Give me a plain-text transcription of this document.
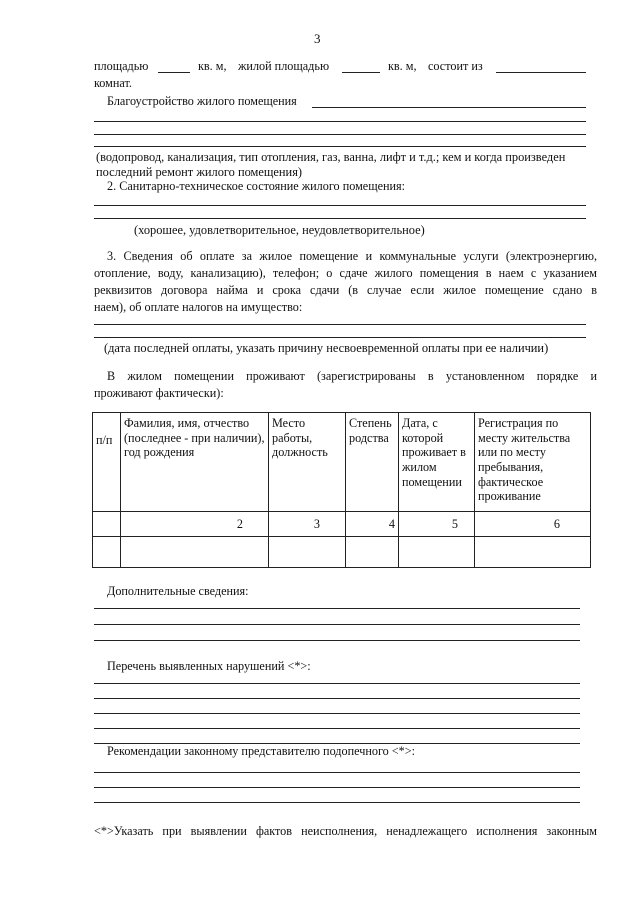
3
площадью	кв. м, жилой площадью	кв. м, состоит из
комнат.
Благоустройство жилого помещения
(водопровод, канализация, тип отопления, газ, ванна, лифт и т.д.; кем и когда произведен
последний ремонт жилого помещения)
2. Санитарно-техническое состояние жилого помещения:
(хорошее, удовлетворительное, неудовлетворительное)
3. Сведения об оплате за жилое помещение и коммунальные услуги (электроэнергию,
отопление, воду, канализацию), телефон; о сдаче жилого помещения в наем с указанием
реквизитов договора найма и срока сдачи (в случае если жилое помещение сдано в
наем), об оплате налогов на имущество:
(дата последней оплаты, указать причину несвоевременной оплаты при ее наличии)
В жилом помещении проживают (зарегистрированы в установленном порядке и
проживают фактически):
п/п	Фамилия, имя, отчество (последнее - при наличии), год рождения	Место работы, должность	Степень родства	Дата, с которой проживает в жилом помещении	Регистрация по месту жительства или по месту пребывания, фактическое проживание
	2	3	4	5	6

Дополнительные сведения:
Перечень выявленных нарушений <*>:
Рекомендации законному представителю подопечного <*>:
<*>Указать при выявлении фактов неисполнения, ненадлежащего исполнения законным
